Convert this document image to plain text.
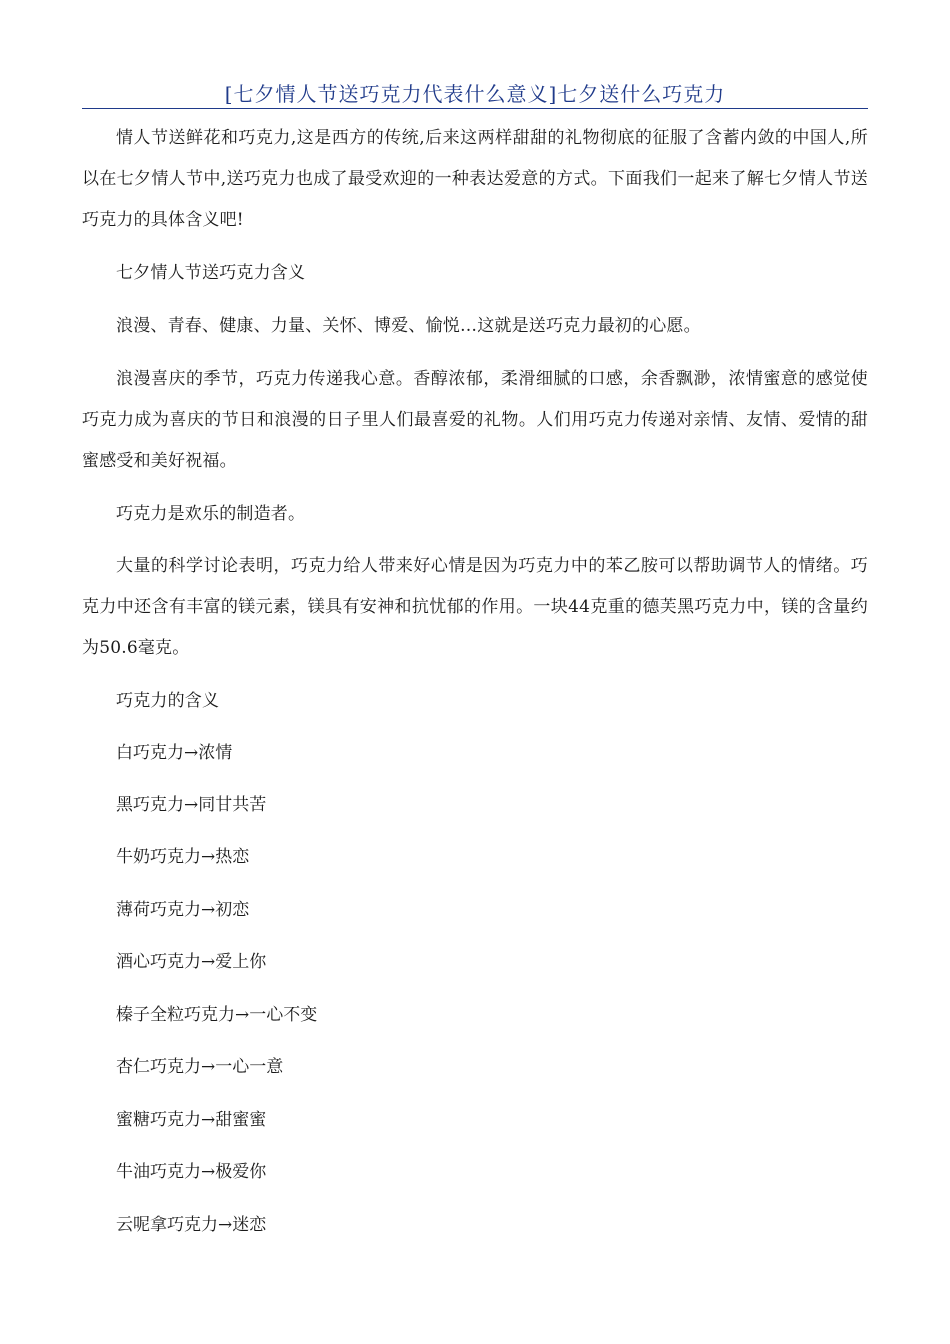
[七夕情人节送巧克力代表什么意义]七夕送什么巧克力

情人节送鲜花和巧克力,这是西方的传统,后来这两样甜甜的礼物彻底的征服了含蓄内敛的中国人,所以在七夕情人节中,送巧克力也成了最受欢迎的一种表达爱意的方式。下面我们一起来了解七夕情人节送巧克力的具体含义吧!

七夕情人节送巧克力含义

浪漫、青春、健康、力量、关怀、博爱、愉悦…这就是送巧克力最初的心愿。

浪漫喜庆的季节，巧克力传递我心意。香醇浓郁，柔滑细腻的口感，余香飘渺，浓情蜜意的感觉使巧克力成为喜庆的节日和浪漫的日子里人们最喜爱的礼物。人们用巧克力传递对亲情、友情、爱情的甜蜜感受和美好祝福。

巧克力是欢乐的制造者。

大量的科学讨论表明，巧克力给人带来好心情是因为巧克力中的苯乙胺可以帮助调节人的情绪。巧克力中还含有丰富的镁元素，镁具有安神和抗忧郁的作用。一块44克重的德芙黑巧克力中，镁的含量约为50.6毫克。

巧克力的含义

白巧克力→浓情

黑巧克力→同甘共苦

牛奶巧克力→热恋

薄荷巧克力→初恋

酒心巧克力→爱上你

榛子全粒巧克力→一心不变

杏仁巧克力→一心一意

蜜糖巧克力→甜蜜蜜

牛油巧克力→极爱你

云呢拿巧克力→迷恋
